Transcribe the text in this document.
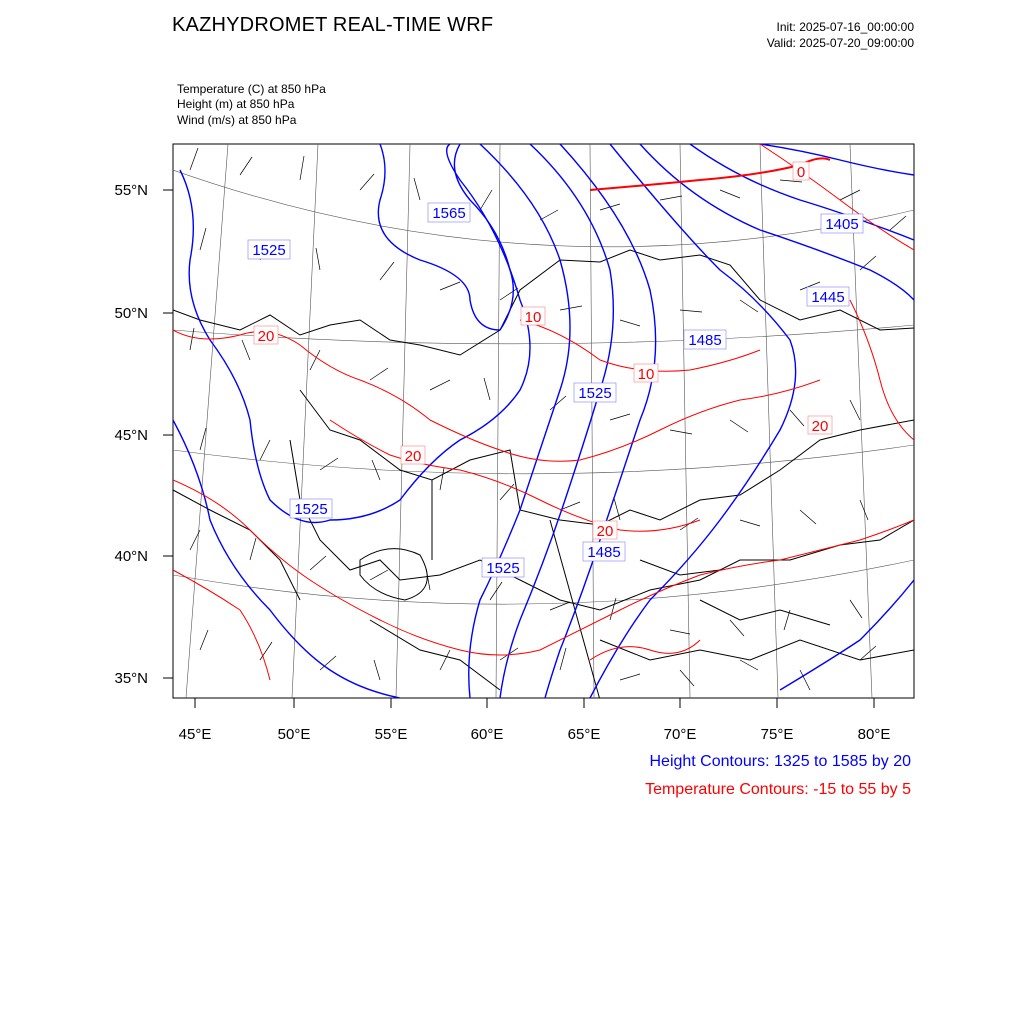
1565
1525
1405
1445
1485
1525
1525
1525
1485
0
10
20
10
20
20
20
55°N
50°N
45°N
40°N
35°N
45°E	50°E	55°E	60°E	65°E	70°E	75°E	80°E
KAZHYDROMET REAL-TIME WRF	Init: 2025-07-16_00:00:00
Valid: 2025-07-20_09:00:00
Temperature (C) at 850 hPa
Height (m) at 850 hPa
Wind (m/s) at 850 hPa
Height Contours: 1325 to 1585 by 20
Temperature Contours: -15 to 55 by 5
